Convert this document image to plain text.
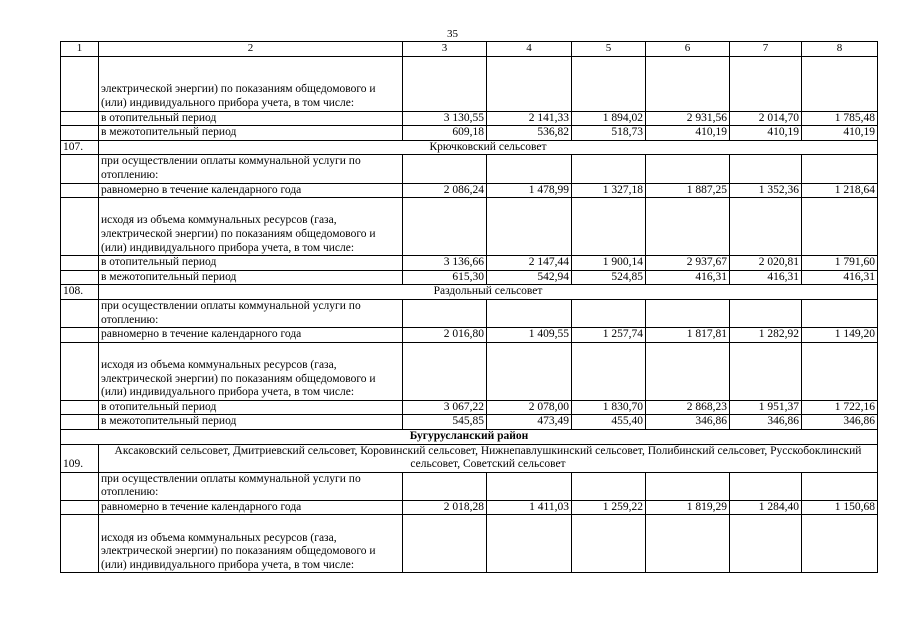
35
1	2	3	4	5	6	7	8
	электрической энергии) по показаниям общедомового и (или) индивидуального прибора учета, в том числе:						
	в отопительный период	3 130,55	2 141,33	1 894,02	2 931,56	2 014,70	1 785,48
	в межотопительный период	609,18	536,82	518,73	410,19	410,19	410,19
107.	Крючковский сельсовет						
	при осуществлении оплаты коммунальной услуги по отоплению:						
	равномерно в течение календарного года	2 086,24	1 478,99	1 327,18	1 887,25	1 352,36	1 218,64
	исходя из объема коммунальных ресурсов (газа, электрической энергии) по показаниям общедомового и (или) индивидуального прибора учета, в том числе:						
	в отопительный период	3 136,66	2 147,44	1 900,14	2 937,67	2 020,81	1 791,60
	в межотопительный период	615,30	542,94	524,85	416,31	416,31	416,31
108.	Раздольный сельсовет						
	при осуществлении оплаты коммунальной услуги по отоплению:						
	равномерно в течение календарного года	2 016,80	1 409,55	1 257,74	1 817,81	1 282,92	1 149,20
	исходя из объема коммунальных ресурсов (газа, электрической энергии) по показаниям общедомового и (или) индивидуального прибора учета, в том числе:						
	в отопительный период	3 067,22	2 078,00	1 830,70	2 868,23	1 951,37	1 722,16
	в межотопительный период	545,85	473,49	455,40	346,86	346,86	346,86
Бугурусланский район							
109.	Аксаковский сельсовет, Дмитриевский сельсовет, Коровинский сельсовет, Нижнепавлушкинский сельсовет, Полибинский сельсовет, Русскобоклинский сельсовет, Советский сельсовет						
	при осуществлении оплаты коммунальной услуги по отоплению:						
	равномерно в течение календарного года	2 018,28	1 411,03	1 259,22	1 819,29	1 284,40	1 150,68
	исходя из объема коммунальных ресурсов (газа, электрической энергии) по показаниям общедомового и (или) индивидуального прибора учета, в том числе:						
